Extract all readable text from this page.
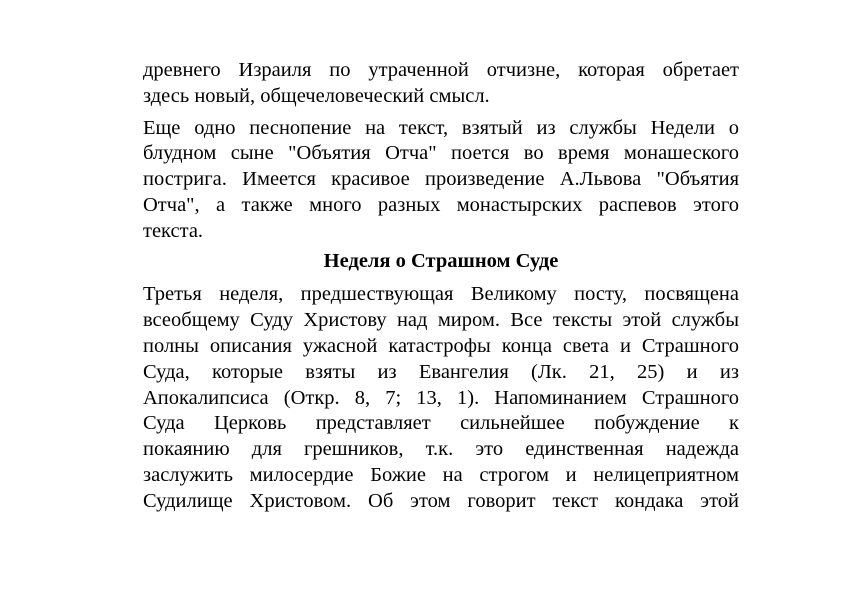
древнего Израиля по утраченной отчизне, которая обретает
здесь новый, общечеловеческий смысл.

Еще одно песнопение на текст, взятый из службы Недели о
блудном сыне "Объятия Отча" поется во время монашеского
пострига. Имеется красивое произведение А.Львова "Объятия
Отча", а также много разных монастырских распевов этого
текста.

Неделя о Страшном Суде

Третья неделя, предшествующая Великому посту, посвящена
всеобщему Суду Христову над миром. Все тексты этой службы
полны описания ужасной катастрофы конца света и Страшного
Суда, которые взяты из Евангелия (Лк. 21, 25) и из
Апокалипсиса (Откр. 8, 7; 13, 1). Напоминанием Страшного
Суда Церковь представляет сильнейшее побуждение к
покаянию для грешников, т.к. это единственная надежда
заслужить милосердие Божие на строгом и нелицеприятном
Судилище Христовом. Об этом говорит текст кондака этой
